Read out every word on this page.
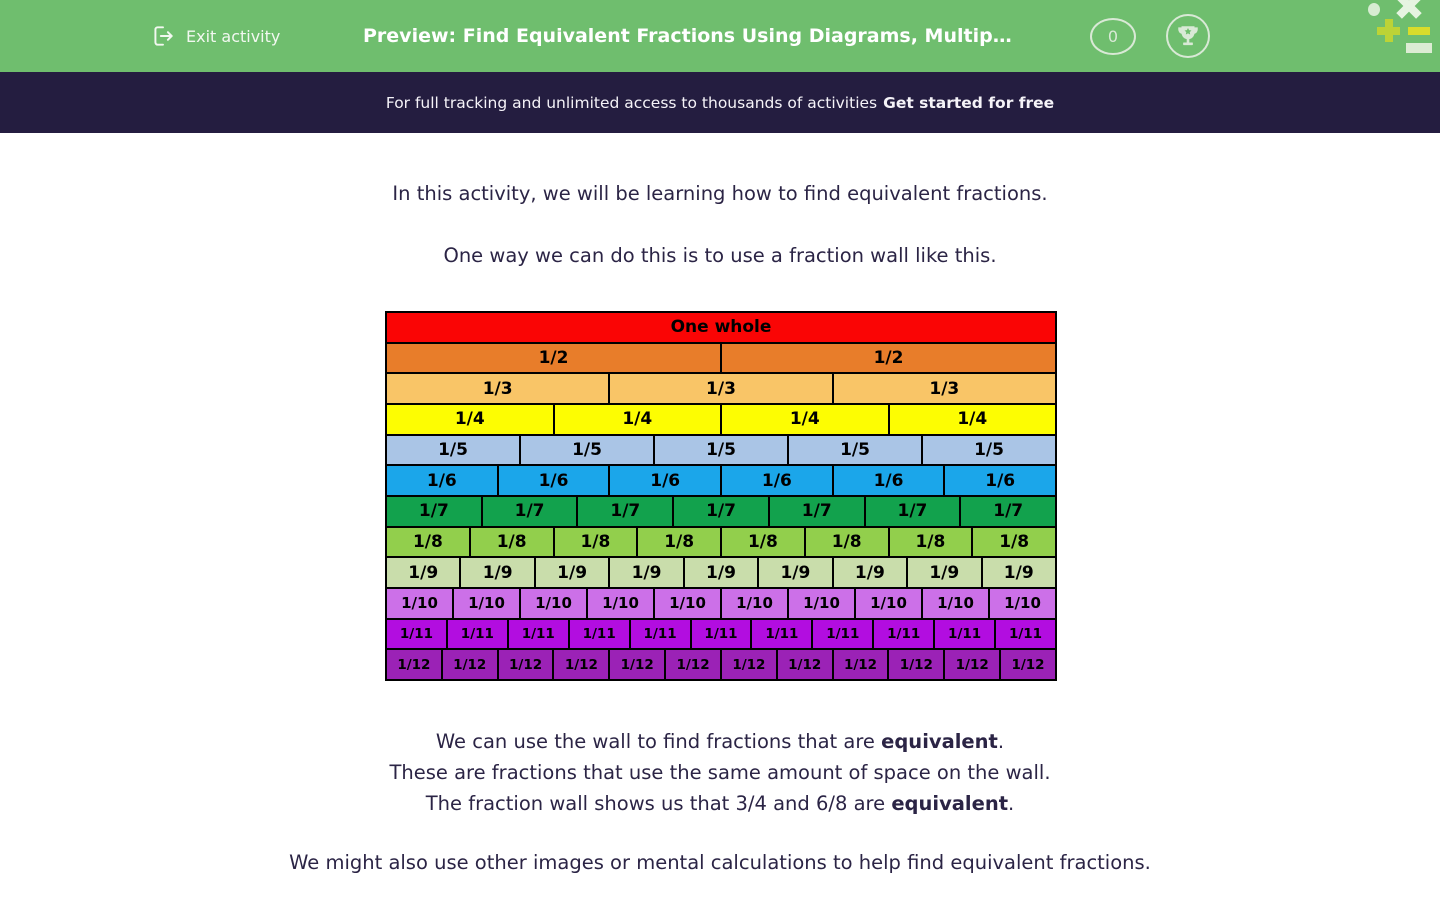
Exit activity	Preview: Find Equivalent Fractions Using Diagrams, Multip…	0
For full tracking and unlimited access to thousands of activities Get started for free
In this activity, we will be learning how to find equivalent fractions.
One way we can do this is to use a fraction wall like this.
One whole
1/2	1/2
1/3	1/3	1/3
1/4	1/4	1/4	1/4
1/5	1/5	1/5	1/5	1/5
1/6	1/6	1/6	1/6	1/6	1/6
1/7	1/7	1/7	1/7	1/7	1/7	1/7
1/8	1/8	1/8	1/8	1/8	1/8	1/8	1/8
1/9	1/9	1/9	1/9	1/9	1/9	1/9	1/9	1/9
1/10	1/10	1/10	1/10	1/10	1/10	1/10	1/10	1/10	1/10
1/11	1/11	1/11	1/11	1/11	1/11	1/11	1/11	1/11	1/11	1/11
1/12	1/12	1/12	1/12	1/12	1/12	1/12	1/12	1/12	1/12	1/12	1/12
We can use the wall to find fractions that are equivalent.
These are fractions that use the same amount of space on the wall.
The fraction wall shows us that 3/4 and 6/8 are equivalent.
We might also use other images or mental calculations to help find equivalent fractions.
